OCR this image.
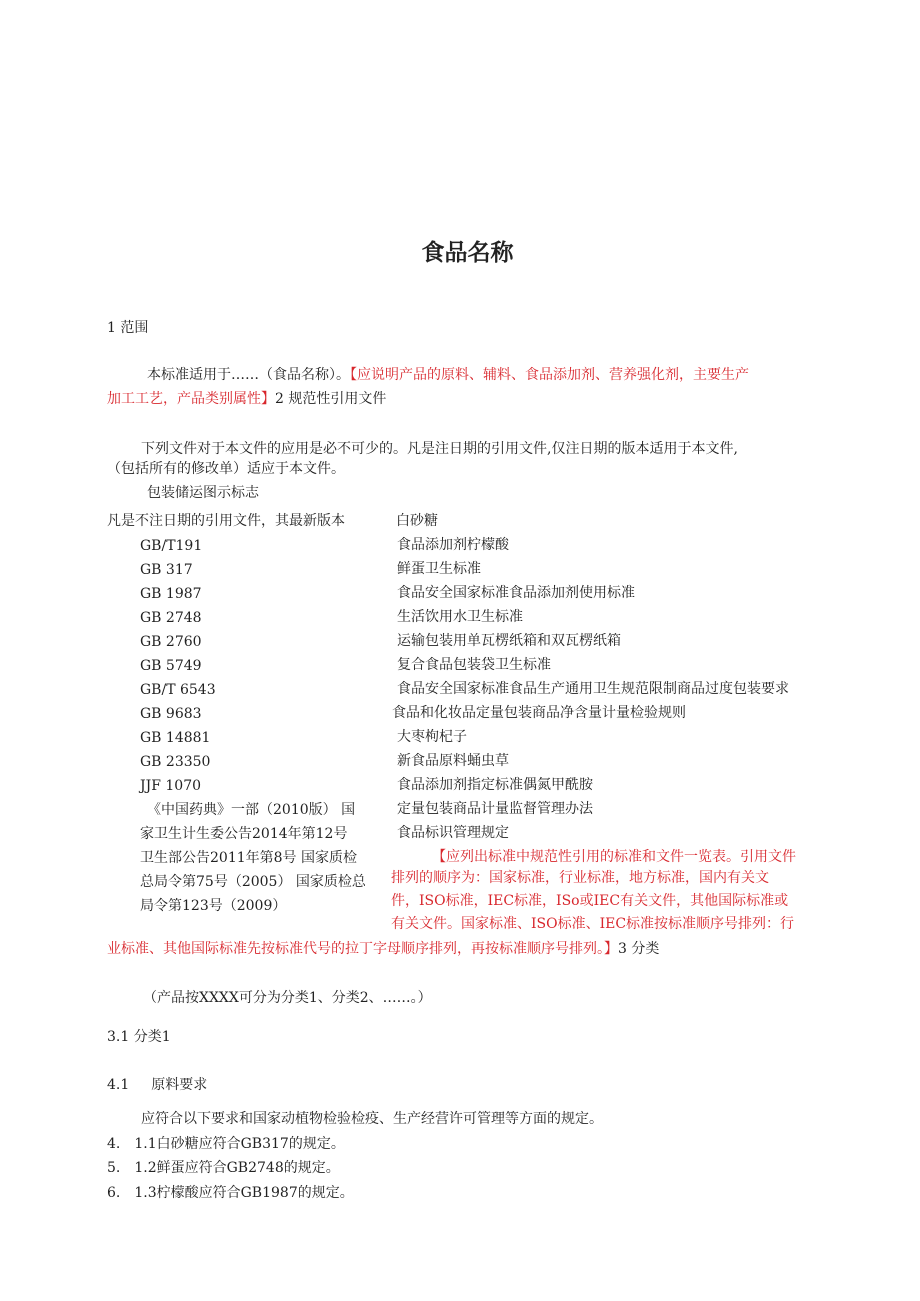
食品名称
1 范围
本标准适用于……（食品名称）。【应说明产品的原料、辅料、食品添加剂、营养强化剂，主要生产
加工工艺，产品类别属性】2 规范性引用文件
下列文件对于本文件的应用是必不可少的。凡是注日期的引用文件,仅注日期的版本适用于本文件,
（包括所有的修改单）适应于本文件。
包装储运图示标志
凡是不注日期的引用文件，其最新版本
GB/T191
GB 317
GB 1987
GB 2748
GB 2760
GB 5749
GB/T 6543
GB 9683
GB 14881
GB 23350
JJF 1070
《中国药典》一部（2010版） 国
家卫生计生委公告2014年第12号
卫生部公告2011年第8号 国家质检
总局令第75号（2005） 国家质检总
局令第123号（2009）
白砂糖
食品添加剂柠檬酸
鲜蛋卫生标准
食品安全国家标准食品添加剂使用标准
生活饮用水卫生标准
运输包装用单瓦楞纸箱和双瓦楞纸箱
复合食品包装袋卫生标准
食品安全国家标准食品生产通用卫生规范限制商品过度包装要求
食品和化妆品定量包装商品净含量计量检验规则
大枣枸杞子
新食品原料蛹虫草
食品添加剂指定标准偶氮甲酰胺
定量包装商品计量监督管理办法
食品标识管理规定
【应列出标准中规范性引用的标准和文件一览表。引用文件
排列的顺序为：国家标准，行业标准，地方标准，国内有关文
件，ISO标准，IEC标准，ISo或IEC有关文件，其他国际标准或
有关文件。国家标准、ISO标准、IEC标准按标准顺序号排列：行
业标准、其他国际标准先按标准代号的拉丁字母顺序排列，再按标准顺序号排列。】3 分类
（产品按XXXX可分为分类1、分类2、……。）
3.1 分类1
4.1 原料要求
应符合以下要求和国家动植物检验检疫、生产经营许可管理等方面的规定。
4. 1.1白砂糖应符合GB317的规定。
5. 1.2鲜蛋应符合GB2748的规定。
6. 1.3柠檬酸应符合GB1987的规定。
